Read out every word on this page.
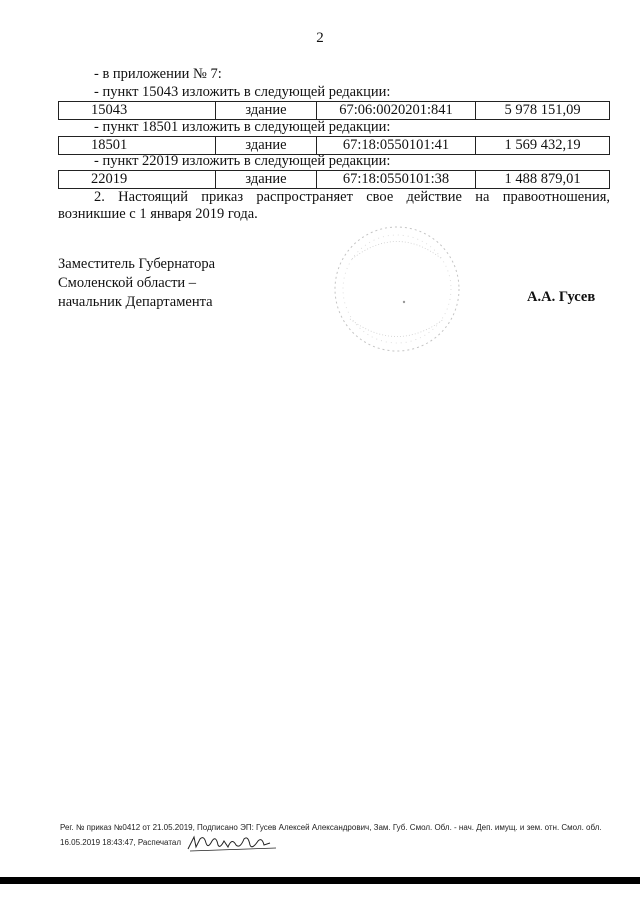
2
- в приложении № 7:
- пункт 15043 изложить в следующей редакции:
15043	здание	67:06:0020201:841	5 978 151,09
- пункт 18501 изложить в следующей редакции:
18501	здание	67:18:0550101:41	1 569 432,19
- пункт 22019 изложить в следующей редакции:
22019	здание	67:18:0550101:38	1 488 879,01
2. Настоящий приказ распространяет свое действие на правоотношения,
возникшие с 1 января 2019 года.
Заместитель Губернатора
Смоленской области –
начальник Департамента	А.А. Гусев
Рег. № приказ №0412 от 21.05.2019, Подписано ЭП: Гусев Алексей Александрович, Зам. Губ. Смол. Обл. - нач. Деп. имущ. и зем. отн. Смол. обл.
16.05.2019 18:43:47, Распечатал
